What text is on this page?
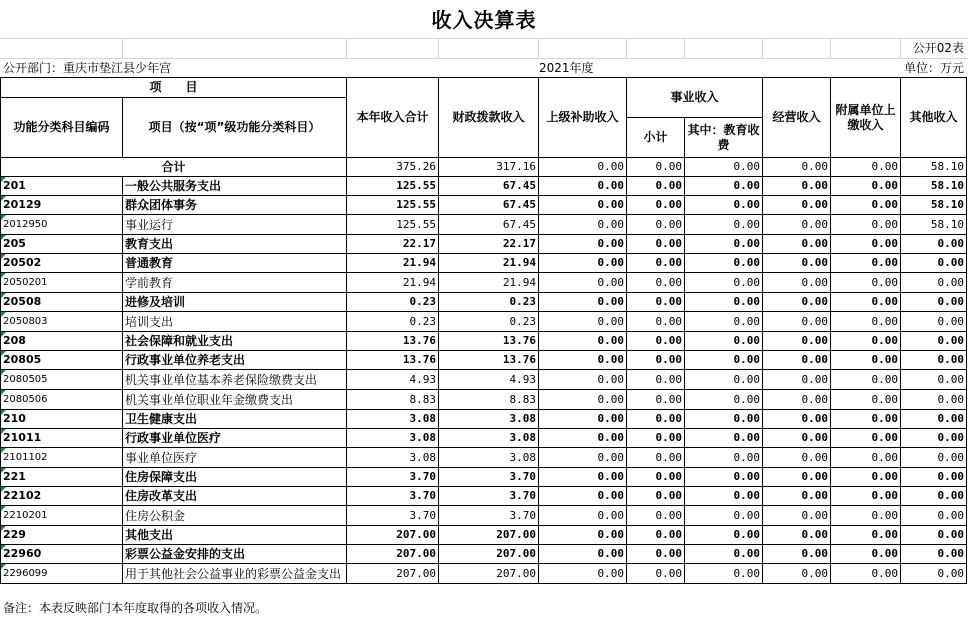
收入决算表
公开02表
公开部门：重庆市垫江县少年宫	2021年度	单位：万元
项　　目		本年收入合计	财政拨款收入	上级补助收入	事业收入		经营收入	附属单位上缴收入	其他收入
功能分类科目编码	项目（按“项”级功能分类科目）								
					小计	其中：教育收费			
合计		375.26	317.16	0.00	0.00	0.00	0.00	0.00	58.10

201	一般公共服务支出	125.55	67.45	0.00	0.00	0.00	0.00	0.00	58.10

20129	群众团体事务	125.55	67.45	0.00	0.00	0.00	0.00	0.00	58.10

2012950	事业运行	125.55	67.45	0.00	0.00	0.00	0.00	0.00	58.10

205	教育支出	22.17	22.17	0.00	0.00	0.00	0.00	0.00	0.00

20502	普通教育	21.94	21.94	0.00	0.00	0.00	0.00	0.00	0.00

2050201	学前教育	21.94	21.94	0.00	0.00	0.00	0.00	0.00	0.00

20508	进修及培训	0.23	0.23	0.00	0.00	0.00	0.00	0.00	0.00

2050803	培训支出	0.23	0.23	0.00	0.00	0.00	0.00	0.00	0.00

208	社会保障和就业支出	13.76	13.76	0.00	0.00	0.00	0.00	0.00	0.00

20805	行政事业单位养老支出	13.76	13.76	0.00	0.00	0.00	0.00	0.00	0.00

2080505	机关事业单位基本养老保险缴费支出	4.93	4.93	0.00	0.00	0.00	0.00	0.00	0.00

2080506	机关事业单位职业年金缴费支出	8.83	8.83	0.00	0.00	0.00	0.00	0.00	0.00

210	卫生健康支出	3.08	3.08	0.00	0.00	0.00	0.00	0.00	0.00

21011	行政事业单位医疗	3.08	3.08	0.00	0.00	0.00	0.00	0.00	0.00

2101102	事业单位医疗	3.08	3.08	0.00	0.00	0.00	0.00	0.00	0.00

221	住房保障支出	3.70	3.70	0.00	0.00	0.00	0.00	0.00	0.00

22102	住房改革支出	3.70	3.70	0.00	0.00	0.00	0.00	0.00	0.00

2210201	住房公积金	3.70	3.70	0.00	0.00	0.00	0.00	0.00	0.00

229	其他支出	207.00	207.00	0.00	0.00	0.00	0.00	0.00	0.00

22960	彩票公益金安排的支出	207.00	207.00	0.00	0.00	0.00	0.00	0.00	0.00

2296099	用于其他社会公益事业的彩票公益金支出	207.00	207.00	0.00	0.00	0.00	0.00	0.00	0.00
备注：本表反映部门本年度取得的各项收入情况。
